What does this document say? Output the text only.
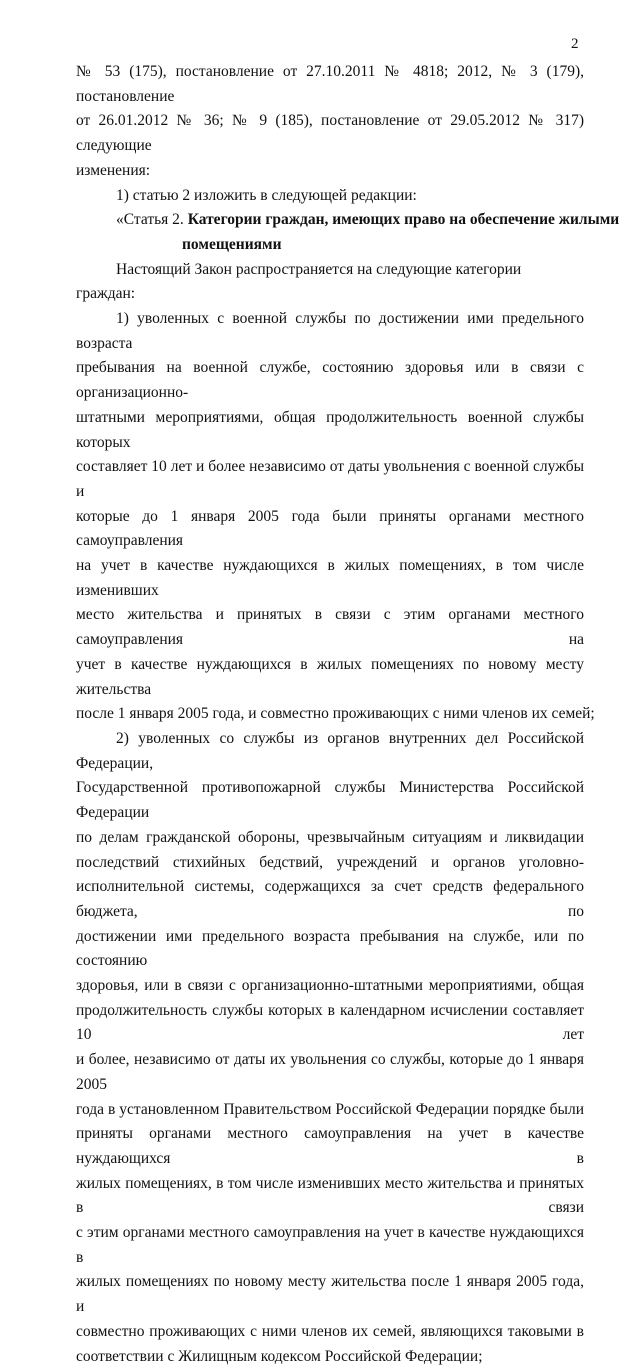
2
№ 53 (175), постановление от 27.10.2011 № 4818; 2012, № 3 (179), постановление
от 26.01.2012 № 36; № 9 (185), постановление от 29.05.2012 № 317) следующие
изменения:
1) статью 2 изложить в следующей редакции:
«Статья 2. Категории граждан, имеющих право на обеспечение жилыми
помещениями
Настоящий Закон распространяется на следующие категории граждан:
1) уволенных с военной службы по достижении ими предельного возраста
пребывания на военной службе, состоянию здоровья или в связи с организационно-
штатными мероприятиями, общая продолжительность военной службы которых
составляет 10 лет и более независимо от даты увольнения с военной службы и
которые до 1 января 2005 года были приняты органами местного самоуправления
на учет в качестве нуждающихся в жилых помещениях, в том числе изменивших
место жительства и принятых в связи с этим органами местного самоуправления на
учет в качестве нуждающихся в жилых помещениях по новому месту жительства
после 1 января 2005 года, и совместно проживающих с ними членов их семей;
2) уволенных со службы из органов внутренних дел Российской Федерации,
Государственной противопожарной службы Министерства Российской Федерации
по делам гражданской обороны, чрезвычайным ситуациям и ликвидации
последствий стихийных бедствий, учреждений и органов уголовно-
исполнительной системы, содержащихся за счет средств федерального бюджета, по
достижении ими предельного возраста пребывания на службе, или по состоянию
здоровья, или в связи с организационно-штатными мероприятиями, общая
продолжительность службы которых в календарном исчислении составляет 10 лет
и более, независимо от даты их увольнения со службы, которые до 1 января 2005
года в установленном Правительством Российской Федерации порядке были
приняты органами местного самоуправления на учет в качестве нуждающихся в
жилых помещениях, в том числе изменивших место жительства и принятых в связи
с этим органами местного самоуправления на учет в качестве нуждающихся в
жилых помещениях по новому месту жительства после 1 января 2005 года, и
совместно проживающих с ними членов их семей, являющихся таковыми в
соответствии с Жилищным кодексом Российской Федерации;
